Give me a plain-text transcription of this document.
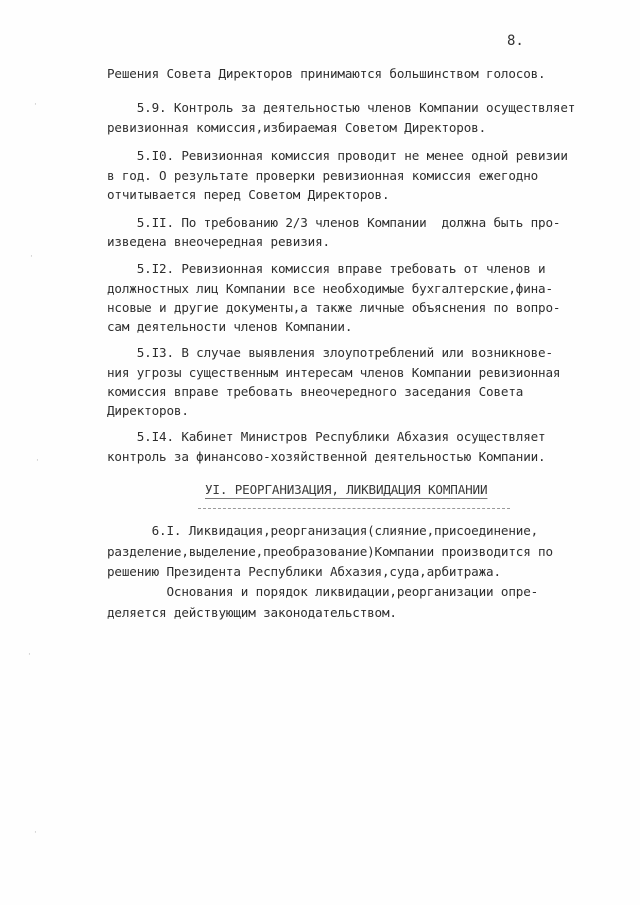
8.
Решения Совета Директоров принимаются большинством голосов.
5.9. Контроль за деятельностью членов Компании осуществляет
ревизионная комиссия,избираемая Советом Директоров.
5.I0. Ревизионная комиссия проводит не менее одной ревизии
в год. О результате проверки ревизионная комиссия ежегодно
отчитывается перед Советом Директоров.
5.II. По требованию 2/3 членов Компании  должна быть про-
изведена внеочередная ревизия.
5.I2. Ревизионная комиссия вправе требовать от членов и
должностных лиц Компании все необходимые бухгалтерские,фина-
нсовые и другие документы,а также личные объяснения по вопро-
сам деятельности членов Компании.
5.I3. В случае выявления злоупотреблений или возникнове-
ния угрозы существенным интересам членов Компании ревизионная
комиссия вправе требовать внеочередного заседания Совета
Директоров.
5.I4. Кабинет Министров Республики Абхазия осуществляет
контроль за финансово-хозяйственной деятельностью Компании.
УI. РЕОРГАНИЗАЦИЯ, ЛИКВИДАЦИЯ КОМПАНИИ
6.I. Ликвидация,реорганизация(слияние,присоединение,
разделение,выделение,преобразование)Компании производится по
решению Президента Республики Абхазия,суда,арбитража.
Основания и порядок ликвидации,реорганизации опре-
деляется действующим законодательством.
·
·
·
·
·
